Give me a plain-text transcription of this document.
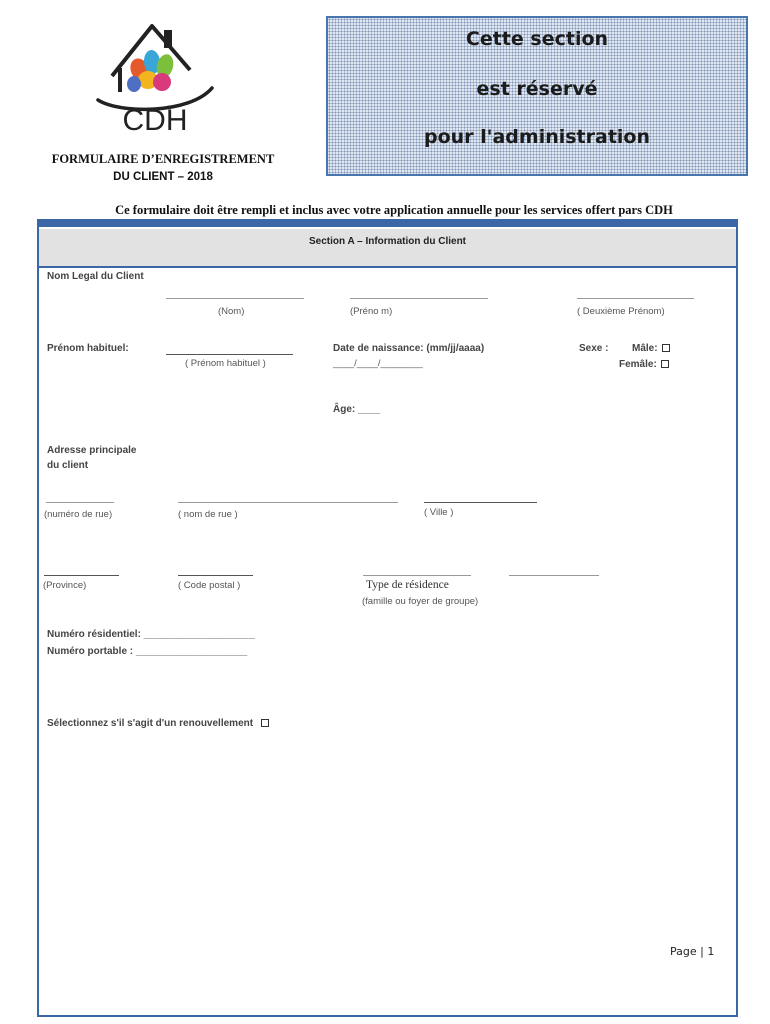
CDH
FORMULAIRE D’ENREGISTREMENT
DU CLIENT – 2018
Cette section
est réservé
pour l'administration
Ce formulaire doit être rempli et inclus avec votre application annuelle pour les services offert pars CDH
Section A – Information du Client
Nom Legal du Client
(Nom)	(Préno m)	( Deuxième Prénom)
Prénom habituel:
( Prénom habituel )
Date de naissance: (mm/jj/aaaa)
____/____/________
Sexe : Mâle:
Femâle:
Âge: ____
Adresse principale
du client
(numéro de rue)	( nom de rue )	( Ville )
(Province)	( Code postal )	Type de résidence
(famille ou foyer de groupe)
Numéro résidentiel: ____________________
Numéro portable : ____________________
Sélectionnez s'il s'agit d'un renouvellement
Page | 1
